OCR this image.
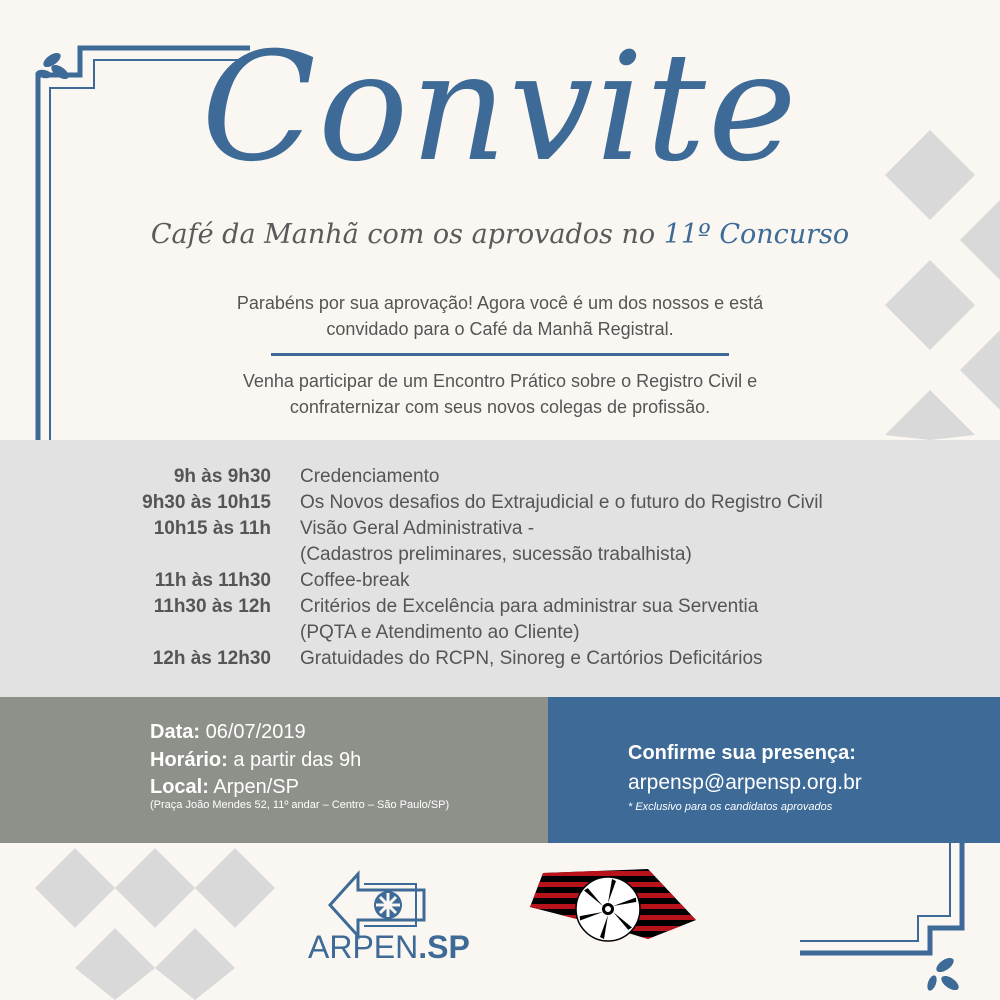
Convite
Café da Manhã com os aprovados no 11º Concurso
Parabéns por sua aprovação! Agora você é um dos nossos e está
convidado para o Café da Manhã Registral.
Venha participar de um Encontro Prático sobre o Registro Civil e
confraternizar com seus novos colegas de profissão.
9h às 9h30 Credenciamento
9h30 às 10h15 Os Novos desafios do Extrajudicial e o futuro do Registro Civil
10h15 às 11h Visão Geral Administrativa -
(Cadastros preliminares, sucessão trabalhista)
11h às 11h30 Coffee-break
11h30 às 12h Critérios de Excelência para administrar sua Serventia
(PQTA e Atendimento ao Cliente)
12h às 12h30 Gratuidades do RCPN, Sinoreg e Cartórios Deficitários
Data: 06/07/2019
Horário: a partir das 9h
Local: Arpen/SP
(Praça João Mendes 52, 11º andar – Centro – São Paulo/SP)
Confirme sua presença:
arpensp@arpensp.org.br
* Exclusivo para os candidatos aprovados
ARPEN.SP
